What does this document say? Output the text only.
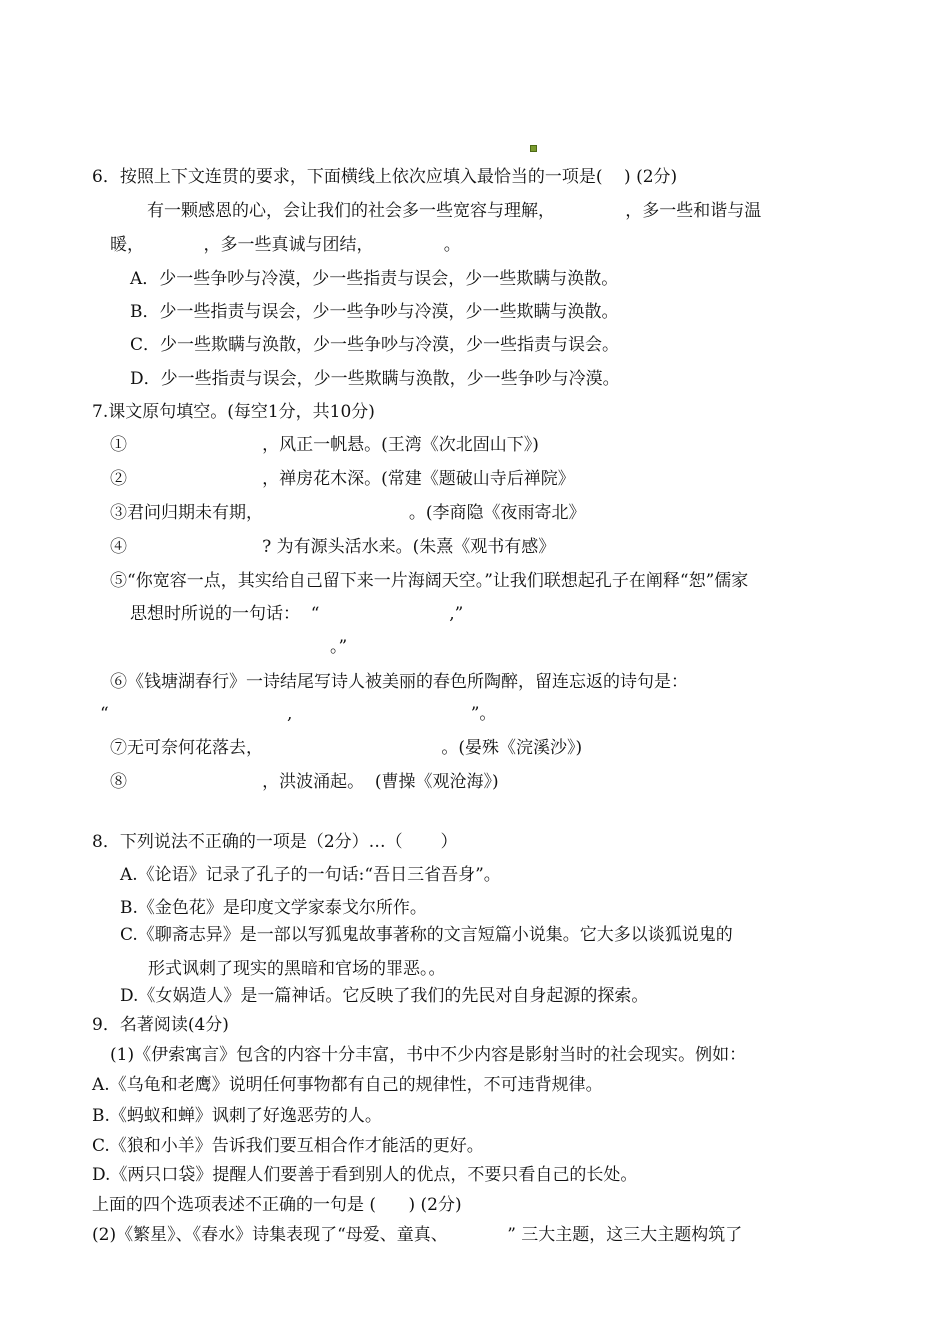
6．按照上下文连贯的要求，下面横线上依次应填入最恰当的一项是(    ) (2分)
有一颗感恩的心，会让我们的社会多一些宽容与理解，             ，多一些和谐与温
暖，           ，多一些真诚与团结，             。
A．少一些争吵与冷漠，少一些指责与误会，少一些欺瞒与涣散。
B．少一些指责与误会，少一些争吵与冷漠，少一些欺瞒与涣散。
C．少一些欺瞒与涣散，少一些争吵与冷漠，少一些指责与误会。
D．少一些指责与误会，少一些欺瞒与涣散，少一些争吵与冷漠。
7.课文原句填空。(每空1分，共10分)
①                         ，风正一帆悬。(王湾《次北固山下》)
②                         ，禅房花木深。(常建《题破山寺后禅院》
③君问归期未有期，                           。(李商隐《夜雨寄北》
④                         ? 为有源头活水来。(朱熹《观书有感》
⑤“你宽容一点，其实给自己留下来一片海阔天空。”让我们联想起孔子在阐释“恕”儒家
思想时所说的一句话：  “                        ,”
。”
⑥《钱塘湖春行》一诗结尾写诗人被美丽的春色所陶醉，留连忘返的诗句是：
“                                 ,                                 ”。
⑦无可奈何花落去，                                 。(晏殊《浣溪沙》)
⑧                         ，洪波涌起。  (曹操《观沧海》)
8．下列说法不正确的一项是（2分）…（       ）
A.《论语》记录了孔子的一句话:“吾日三省吾身”。
B.《金色花》是印度文学家泰戈尔所作。
C.《聊斋志异》是一部以写狐鬼故事著称的文言短篇小说集。它大多以谈狐说鬼的
形式讽刺了现实的黑暗和官场的罪恶。。
D.《女娲造人》是一篇神话。它反映了我们的先民对自身起源的探索。
9．名著阅读(4分)
(1)《伊索寓言》包含的内容十分丰富，书中不少内容是影射当时的社会现实。例如：
A.《乌龟和老鹰》说明任何事物都有自己的规律性，不可违背规律。
B.《蚂蚁和蝉》讽刺了好逸恶劳的人。
C.《狼和小羊》告诉我们要互相合作才能活的更好。
D.《两只口袋》提醒人们要善于看到别人的优点，不要只看自己的长处。
上面的四个选项表述不正确的一句是 (      ) (2分)
(2)《繁星》、《春水》诗集表现了“母爱、童真、           ” 三大主题，这三大主题构筑了
